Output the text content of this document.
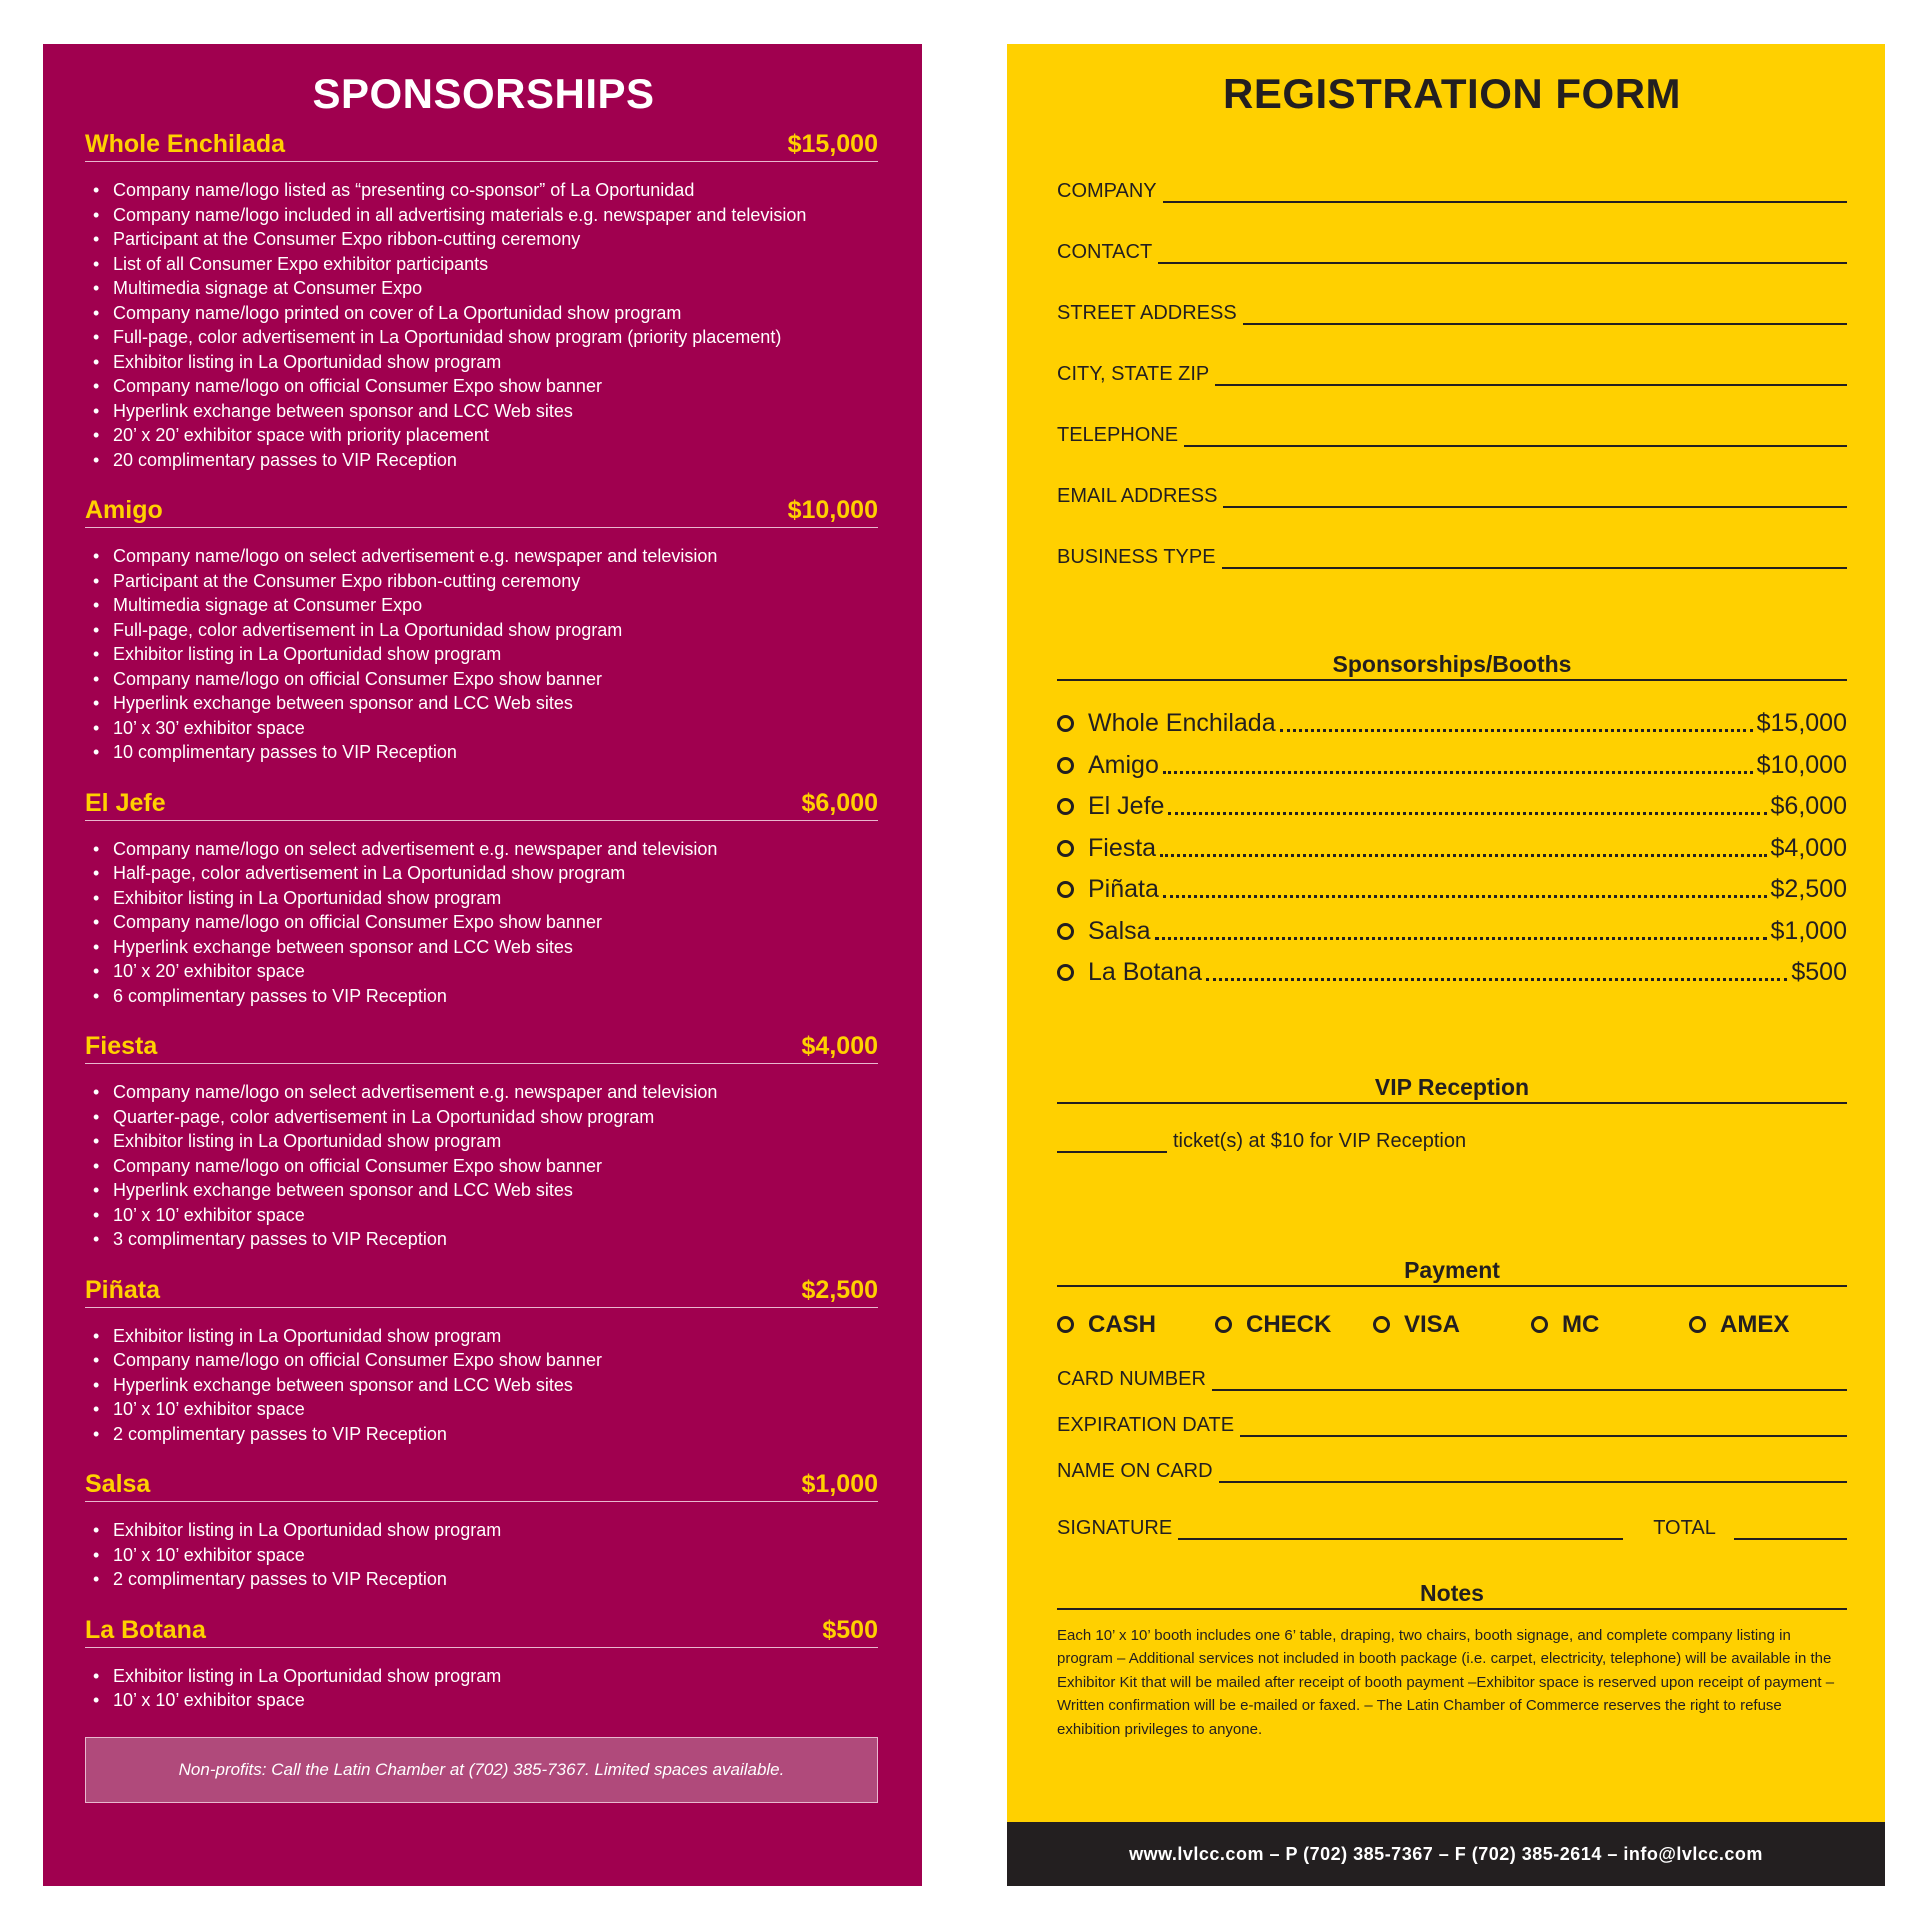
SPONSORSHIPS
Whole Enchilada	$15,000
• Company name/logo listed as “presenting co-sponsor” of La Oportunidad
• Company name/logo included in all advertising materials e.g. newspaper and television
• Participant at the Consumer Expo ribbon-cutting ceremony
• List of all Consumer Expo exhibitor participants
• Multimedia signage at Consumer Expo
• Company name/logo printed on cover of La Oportunidad show program
• Full-page, color advertisement in La Oportunidad show program (priority placement)
• Exhibitor listing in La Oportunidad show program
• Company name/logo on official Consumer Expo show banner
• Hyperlink exchange between sponsor and LCC Web sites
• 20’ x 20’ exhibitor space with priority placement
• 20 complimentary passes to VIP Reception
Amigo	$10,000
• Company name/logo on select advertisement e.g. newspaper and television
• Participant at the Consumer Expo ribbon-cutting ceremony
• Multimedia signage at Consumer Expo
• Full-page, color advertisement in La Oportunidad show program
• Exhibitor listing in La Oportunidad show program
• Company name/logo on official Consumer Expo show banner
• Hyperlink exchange between sponsor and LCC Web sites
• 10’ x 30’ exhibitor space
• 10 complimentary passes to VIP Reception
El Jefe	$6,000
• Company name/logo on select advertisement e.g. newspaper and television
• Half-page, color advertisement in La Oportunidad show program
• Exhibitor listing in La Oportunidad show program
• Company name/logo on official Consumer Expo show banner
• Hyperlink exchange between sponsor and LCC Web sites
• 10’ x 20’ exhibitor space
• 6 complimentary passes to VIP Reception
Fiesta	$4,000
• Company name/logo on select advertisement e.g. newspaper and television
• Quarter-page, color advertisement in La Oportunidad show program
• Exhibitor listing in La Oportunidad show program
• Company name/logo on official Consumer Expo show banner
• Hyperlink exchange between sponsor and LCC Web sites
• 10’ x 10’ exhibitor space
• 3 complimentary passes to VIP Reception
Piñata	$2,500
• Exhibitor listing in La Oportunidad show program
• Company name/logo on official Consumer Expo show banner
• Hyperlink exchange between sponsor and LCC Web sites
• 10’ x 10’ exhibitor space
• 2 complimentary passes to VIP Reception
Salsa	$1,000
• Exhibitor listing in La Oportunidad show program
• 10’ x 10’ exhibitor space
• 2 complimentary passes to VIP Reception
La Botana	$500
• Exhibitor listing in La Oportunidad show program
• 10’ x 10’ exhibitor space
Non-profits: Call the Latin Chamber at (702) 385-7367. Limited spaces available.
REGISTRATION FORM
COMPANY
CONTACT
STREET ADDRESS
CITY, STATE ZIP
TELEPHONE
EMAIL ADDRESS
BUSINESS TYPE
Sponsorships/Booths
Whole Enchilada	$15,000
Amigo	$10,000
El Jefe	$6,000
Fiesta	$4,000
Piñata	$2,500
Salsa	$1,000
La Botana	$500
VIP Reception
ticket(s) at $10 for VIP Reception
Payment
CASH	CHECK	VISA	MC	AMEX
CARD NUMBER
EXPIRATION DATE
NAME ON CARD
SIGNATURE	TOTAL
Notes
Each 10’ x 10’ booth includes one 6’ table, draping, two chairs, booth signage, and complete company listing in program – Additional services not included in booth package (i.e. carpet, electricity, telephone) will be available in the Exhibitor Kit that will be mailed after receipt of booth payment –Exhibitor space is reserved upon receipt of payment – Written confirmation will be e-mailed or faxed. – The Latin Chamber of Commerce reserves the right to refuse exhibition privileges to anyone.
www.lvlcc.com – P (702) 385-7367 – F (702) 385-2614 – info@lvlcc.com
